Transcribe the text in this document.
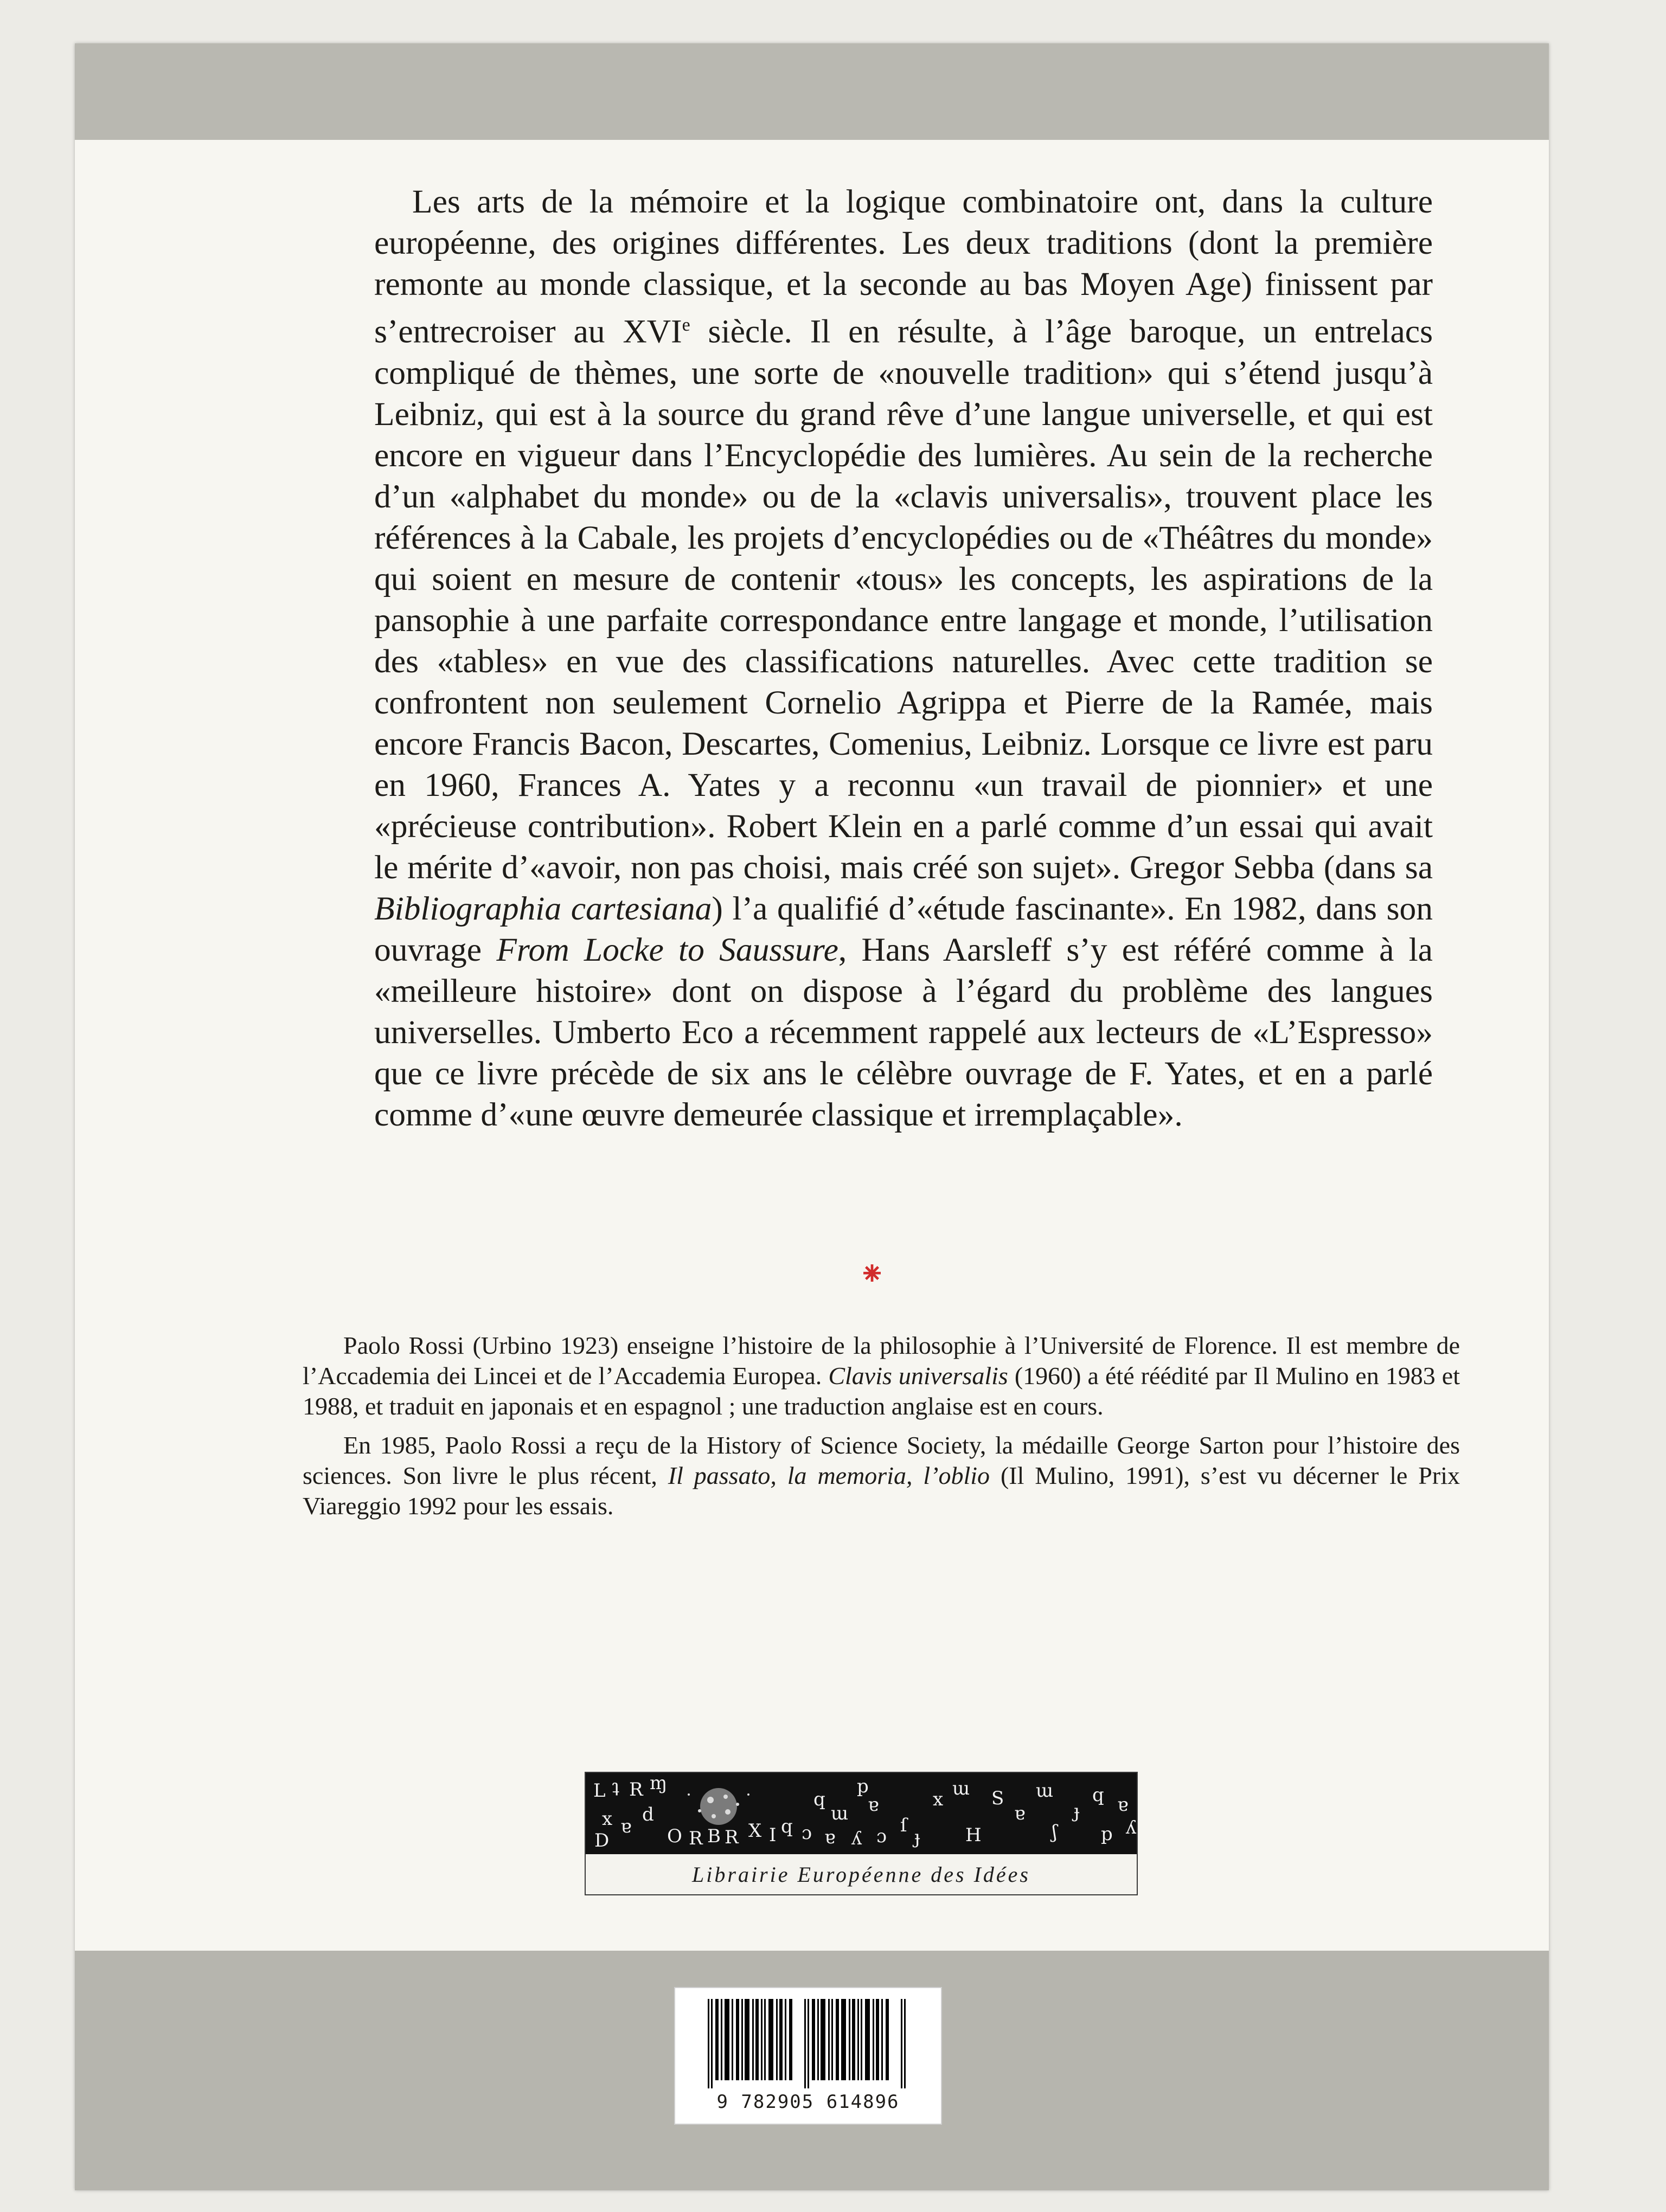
Les arts de la mémoire et la logique combinatoire ont, dans la culture européenne, des origines différentes. Les deux traditions (dont la première remonte au monde classique, et la seconde au bas Moyen Age) finissent par s’entrecroiser au XVIe siècle. Il en résulte, à l’âge baroque, un entrelacs compliqué de thèmes, une sorte de «nouvelle tradition» qui s’étend jusqu’à Leibniz, qui est à la source du grand rêve d’une langue universelle, et qui est encore en vigueur dans l’Encyclopédie des lumières. Au sein de la recherche d’un «alphabet du monde» ou de la «clavis universalis», trouvent place les références à la Cabale, les projets d’encyclopédies ou de «Théâtres du monde» qui soient en mesure de contenir «tous» les concepts, les aspirations de la pansophie à une parfaite correspondance entre langage et monde, l’utilisation des «tables» en vue des classifications naturelles. Avec cette tradition se confrontent non seulement Cornelio Agrippa et Pierre de la Ramée, mais encore Francis Bacon, Descartes, Comenius, Leibniz. Lorsque ce livre est paru en 1960, Frances A. Yates y a reconnu «un travail de pionnier» et une «précieuse contribution». Robert Klein en a parlé comme d’un essai qui avait le mérite d’«avoir, non pas choisi, mais créé son sujet». Gregor Sebba (dans sa Bibliographia cartesiana) l’a qualifié d’«étude fascinante». En 1982, dans son ouvrage From Locke to Saussure, Hans Aarsleff s’y est référé comme à la «meilleure histoire» dont on dispose à l’égard du problème des langues universelles. Umberto Eco a récemment rappelé aux lecteurs de «L’Espresso» que ce livre précède de six ans le célèbre ouvrage de F. Yates, et en a parlé comme d’«une œuvre demeurée classique et irremplaçable».

⁕

Paolo Rossi (Urbino 1923) enseigne l’histoire de la philosophie à l’Université de Florence. Il est membre de l’Accademia dei Lincei et de l’Accademia Europea. Clavis universalis (1960) a été réédité par Il Mulino en 1983 et 1988, et traduit en japonais et en espagnol ; une traduction anglaise est en cours.

En 1985, Paolo Rossi a reçu de la History of Science Society, la médaille George Sarton pour l’histoire des sciences. Son livre le plus récent, Il passato, la memoria, l’oblio (Il Mulino, 1991), s’est vu décerner le Prix Viareggio 1992 pour les essais.

L ʇ R ɱ
x ɐ
d
D	O R B R X I q ɔ
q
ɯ
p
ɐ
ɐ ʎ ɔ ſ
ɟ
x ɯ
H
S
ɐ
ɯ
ʃ
ɟ
q
p
ɐ
ʎ
Librairie Européenne des Idées
9 782905 614896
